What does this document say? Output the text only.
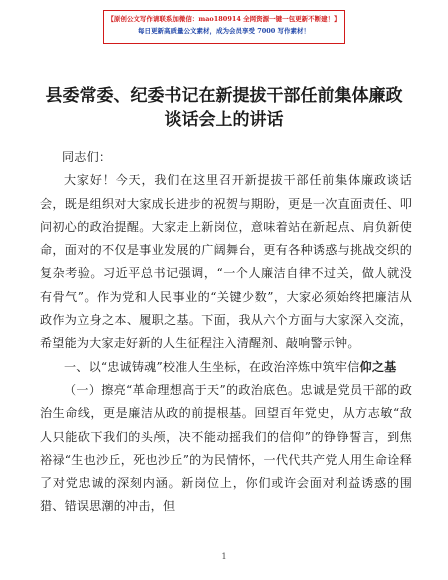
【原创公文写作请联系加微信：mao180914 全网资源一键一包更新不断建！】
每日更新高质量公文素材，成为会员享受 7000 写作素材！
县委常委、纪委书记在新提拔干部任前集体廉政谈话会上的讲话

同志们：

大家好！今天，我们在这里召开新提拔干部任前集体廉政谈话会，既是组织对大家成长进步的祝贺与期盼，更是一次直面责任、叩问初心的政治提醒。大家走上新岗位，意味着站在新起点、肩负新使命，面对的不仅是事业发展的广阔舞台，更有各种诱惑与挑战交织的复杂考验。习近平总书记强调，“一个人廉洁自律不过关，做人就没有骨气”。作为党和人民事业的“关键少数”，大家必须始终把廉洁从政作为立身之本、履职之基。下面，我从六个方面与大家深入交流，希望能为大家走好新的人生征程注入清醒剂、敲响警示钟。

一、以“忠诚铸魂”校准人生坐标，在政治淬炼中筑牢信仰之基

（一）擦亮“革命理想高于天”的政治底色。忠诚是党员干部的政治生命线，更是廉洁从政的前提根基。回望百年党史，从方志敏“敌人只能砍下我们的头颅，决不能动摇我们的信仰”的铮铮誓言，到焦裕禄“生也沙丘，死也沙丘”的为民情怀，一代代共产党人用生命诠释了对党忠诚的深刻内涵。新岗位上，你们或许会面对利益诱惑的围猎、错误思潮的冲击，但

1
